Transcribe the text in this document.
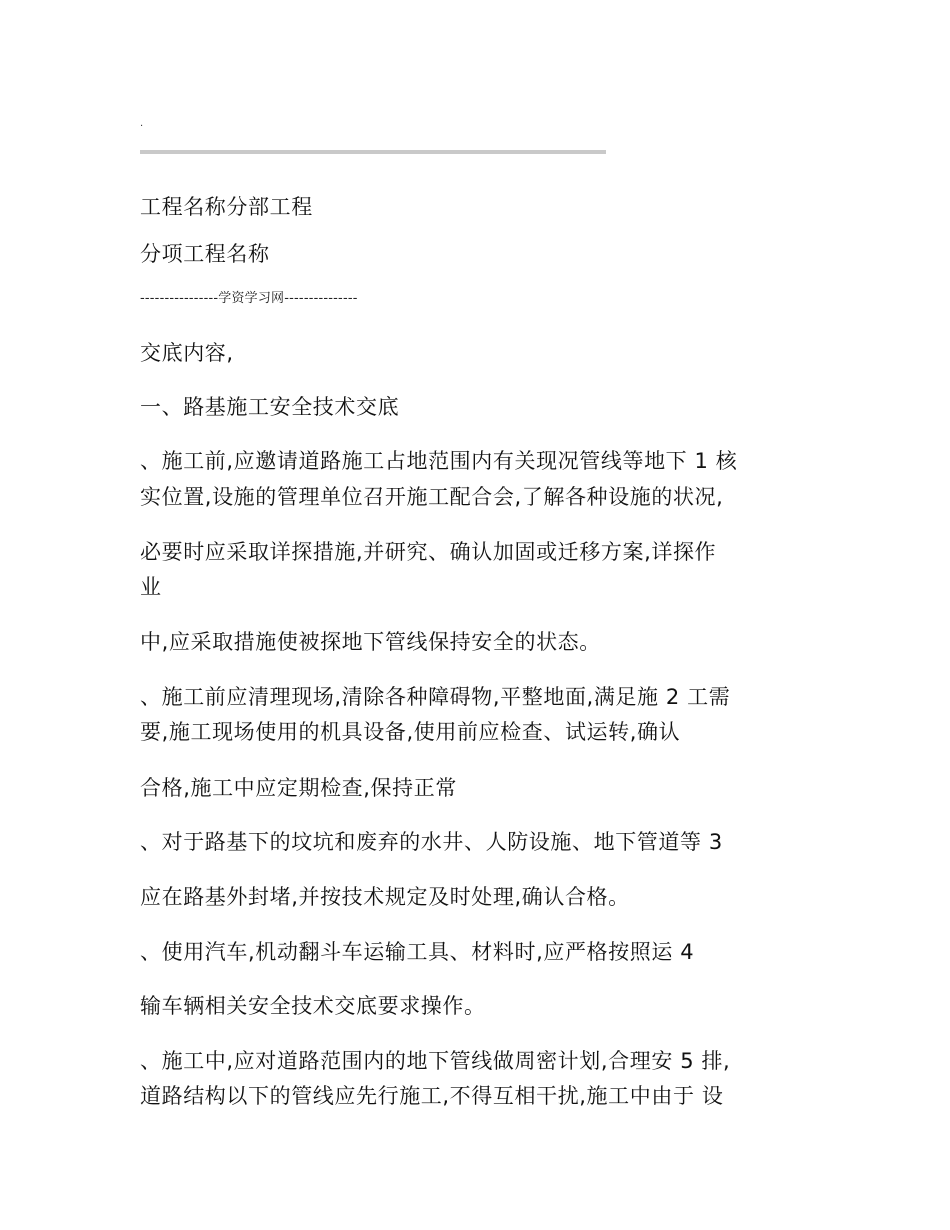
.
工程名称分部工程
分项工程名称
----------------学资学习网---------------
交底内容,
一、路基施工安全技术交底
、施工前,应邀请道路施工占地范围内有关现况管线等地下 1 核
实位置,设施的管理单位召开施工配合会,了解各种设施的状况,
必要时应采取详探措施,并研究、确认加固或迁移方案,详探作
业
中,应采取措施使被探地下管线保持安全的状态。
、施工前应清理现场,清除各种障碍物,平整地面,满足施 2 工需
要,施工现场使用的机具设备,使用前应检查、试运转,确认
合格,施工中应定期检查,保持正常
、对于路基下的坟坑和废弃的水井、人防设施、地下管道等 3
应在路基外封堵,并按技术规定及时处理,确认合格。
、使用汽车,机动翻斗车运输工具、材料时,应严格按照运 4
输车辆相关安全技术交底要求操作。
、施工中,应对道路范围内的地下管线做周密计划,合理安 5 排,
道路结构以下的管线应先行施工,不得互相干扰,施工中由于 设
